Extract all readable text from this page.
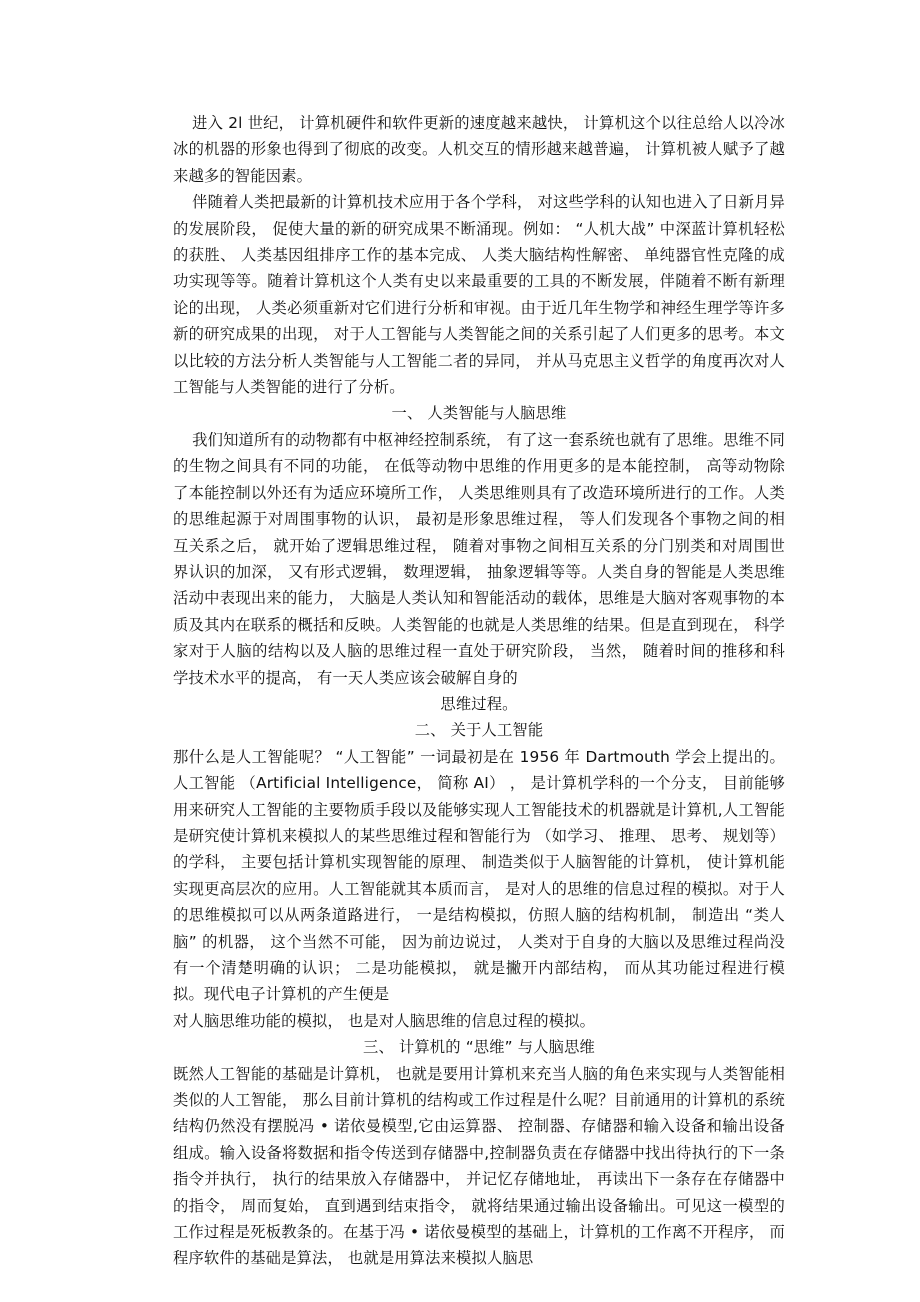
进入 2l 世纪， 计算机硬件和软件更新的速度越来越快， 计算机这个以往总给人以冷冰冰的机器的形象也得到了彻底的改变。人机交互的情形越来越普遍， 计算机被人赋予了越来越多的智能因素。

伴随着人类把最新的计算机技术应用于各个学科， 对这些学科的认知也进入了日新月异的发展阶段， 促使大量的新的研究成果不断涌现。例如： “人机大战” 中深蓝计算机轻松的获胜、 人类基因组排序工作的基本完成、 人类大脑结构性解密、 单纯器官性克隆的成功实现等等。随着计算机这个人类有史以来最重要的工具的不断发展，伴随着不断有新理论的出现， 人类必须重新对它们进行分析和审视。由于近几年生物学和神经生理学等许多新的研究成果的出现， 对于人工智能与人类智能之间的关系引起了人们更多的思考。本文以比较的方法分析人类智能与人工智能二者的异同， 并从马克思主义哲学的角度再次对人工智能与人类智能的进行了分析。

一、 人类智能与人脑思维

我们知道所有的动物都有中枢神经控制系统， 有了这一套系统也就有了思维。思维不同的生物之间具有不同的功能， 在低等动物中思维的作用更多的是本能控制， 高等动物除了本能控制以外还有为适应环境所工作， 人类思维则具有了改造环境所进行的工作。人类的思维起源于对周围事物的认识， 最初是形象思维过程， 等人们发现各个事物之间的相互关系之后， 就开始了逻辑思维过程， 随着对事物之间相互关系的分门别类和对周围世界认识的加深， 又有形式逻辑， 数理逻辑， 抽象逻辑等等。人类自身的智能是人类思维活动中表现出来的能力， 大脑是人类认知和智能活动的载体，思维是大脑对客观事物的本质及其内在联系的概括和反映。人类智能的也就是人类思维的结果。但是直到现在， 科学家对于人脑的结构以及人脑的思维过程一直处于研究阶段， 当然， 随着时间的推移和科学技术水平的提高， 有一天人类应该会破解自身的

思维过程。

二、 关于人工智能

那什么是人工智能呢？ “人工智能” 一词最初是在 1956 年 Dartmouth 学会上提出的。人工智能 （Artificial Intelligence， 简称 AI） ， 是计算机学科的一个分支， 目前能够用来研究人工智能的主要物质手段以及能够实现人工智能技术的机器就是计算机,人工智能是研究使计算机来模拟人的某些思维过程和智能行为 （如学习、 推理、 思考、 规划等） 的学科， 主要包括计算机实现智能的原理、 制造类似于人脑智能的计算机， 使计算机能实现更高层次的应用。人工智能就其本质而言， 是对人的思维的信息过程的模拟。对于人的思维模拟可以从两条道路进行， 一是结构模拟，仿照人脑的结构机制， 制造出 “类人脑” 的机器， 这个当然不可能， 因为前边说过， 人类对于自身的大脑以及思维过程尚没有一个清楚明确的认识； 二是功能模拟， 就是撇开内部结构， 而从其功能过程进行模拟。现代电子计算机的产生便是

对人脑思维功能的模拟， 也是对人脑思维的信息过程的模拟。

三、 计算机的 “思维” 与人脑思维

既然人工智能的基础是计算机， 也就是要用计算机来充当人脑的角色来实现与人类智能相类似的人工智能， 那么目前计算机的结构或工作过程是什么呢？目前通用的计算机的系统结构仍然没有摆脱冯 • 诺依曼模型,它由运算器、 控制器、存储器和输入设备和输出设备组成。输入设备将数据和指令传送到存储器中,控制器负责在存储器中找出待执行的下一条指令并执行， 执行的结果放入存储器中， 并记忆存储地址， 再读出下一条存在存储器中的指令， 周而复始， 直到遇到结束指令， 就将结果通过输出设备输出。可见这一模型的工作过程是死板教条的。在基于冯 • 诺依曼模型的基础上，计算机的工作离不开程序， 而程序软件的基础是算法， 也就是用算法来模拟人脑思
